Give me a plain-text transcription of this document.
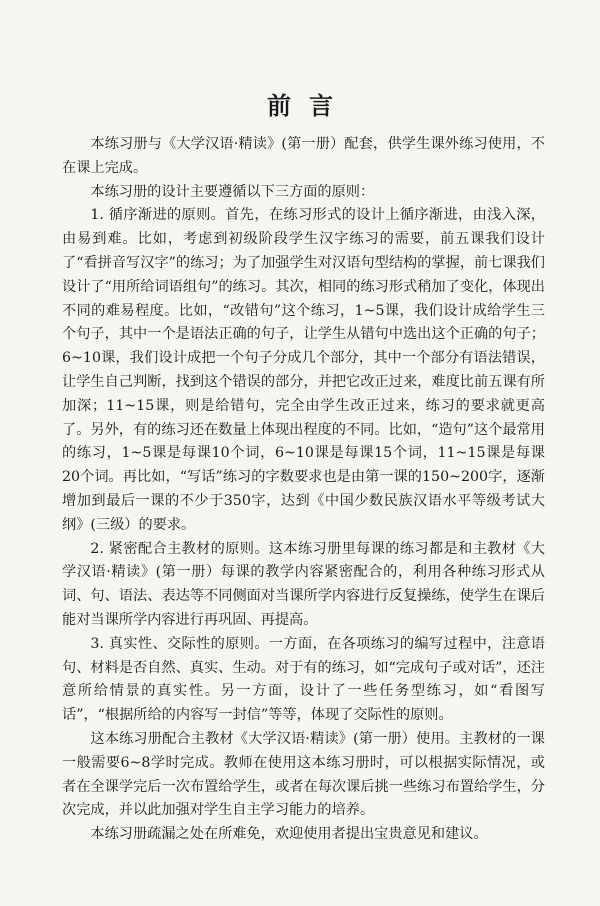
前言

本练习册与《大学汉语·精读》(第一册）配套，供学生课外练习使用，不在课上完成。

本练习册的设计主要遵循以下三方面的原则：

1. 循序渐进的原则。首先，在练习形式的设计上循序渐进，由浅入深，由易到难。比如，考虑到初级阶段学生汉字练习的需要，前五课我们设计了“看拼音写汉字”的练习；为了加强学生对汉语句型结构的掌握，前七课我们设计了“用所给词语组句”的练习。其次，相同的练习形式稍加了变化，体现出不同的难易程度。比如，“改错句”这个练习，1~5课，我们设计成给学生三个句子，其中一个是语法正确的句子，让学生从错句中选出这个正确的句子；6~10课，我们设计成把一个句子分成几个部分，其中一个部分有语法错误，让学生自己判断，找到这个错误的部分，并把它改正过来，难度比前五课有所加深；11~15课，则是给错句，完全由学生改正过来，练习的要求就更高了。另外，有的练习还在数量上体现出程度的不同。比如，“造句”这个最常用的练习，1~5课是每课10个词，6~10课是每课15个词，11~15课是每课20个词。再比如，“写话”练习的字数要求也是由第一课的150~200字，逐渐增加到最后一课的不少于350字，达到《中国少数民族汉语水平等级考试大纲》(三级）的要求。

2. 紧密配合主教材的原则。这本练习册里每课的练习都是和主教材《大学汉语·精读》(第一册）每课的教学内容紧密配合的，利用各种练习形式从词、句、语法、表达等不同侧面对当课所学内容进行反复操练，使学生在课后能对当课所学内容进行再巩固、再提高。

3. 真实性、交际性的原则。一方面，在各项练习的编写过程中，注意语句、材料是否自然、真实、生动。对于有的练习，如“完成句子或对话”，还注意所给情景的真实性。另一方面，设计了一些任务型练习，如“看图写话”，“根据所给的内容写一封信”等等，体现了交际性的原则。

这本练习册配合主教材《大学汉语·精读》(第一册）使用。主教材的一课一般需要6~8学时完成。教师在使用这本练习册时，可以根据实际情况，或者在全课学完后一次布置给学生，或者在每次课后挑一些练习布置给学生，分次完成，并以此加强对学生自主学习能力的培养。

本练习册疏漏之处在所难免，欢迎使用者提出宝贵意见和建议。
